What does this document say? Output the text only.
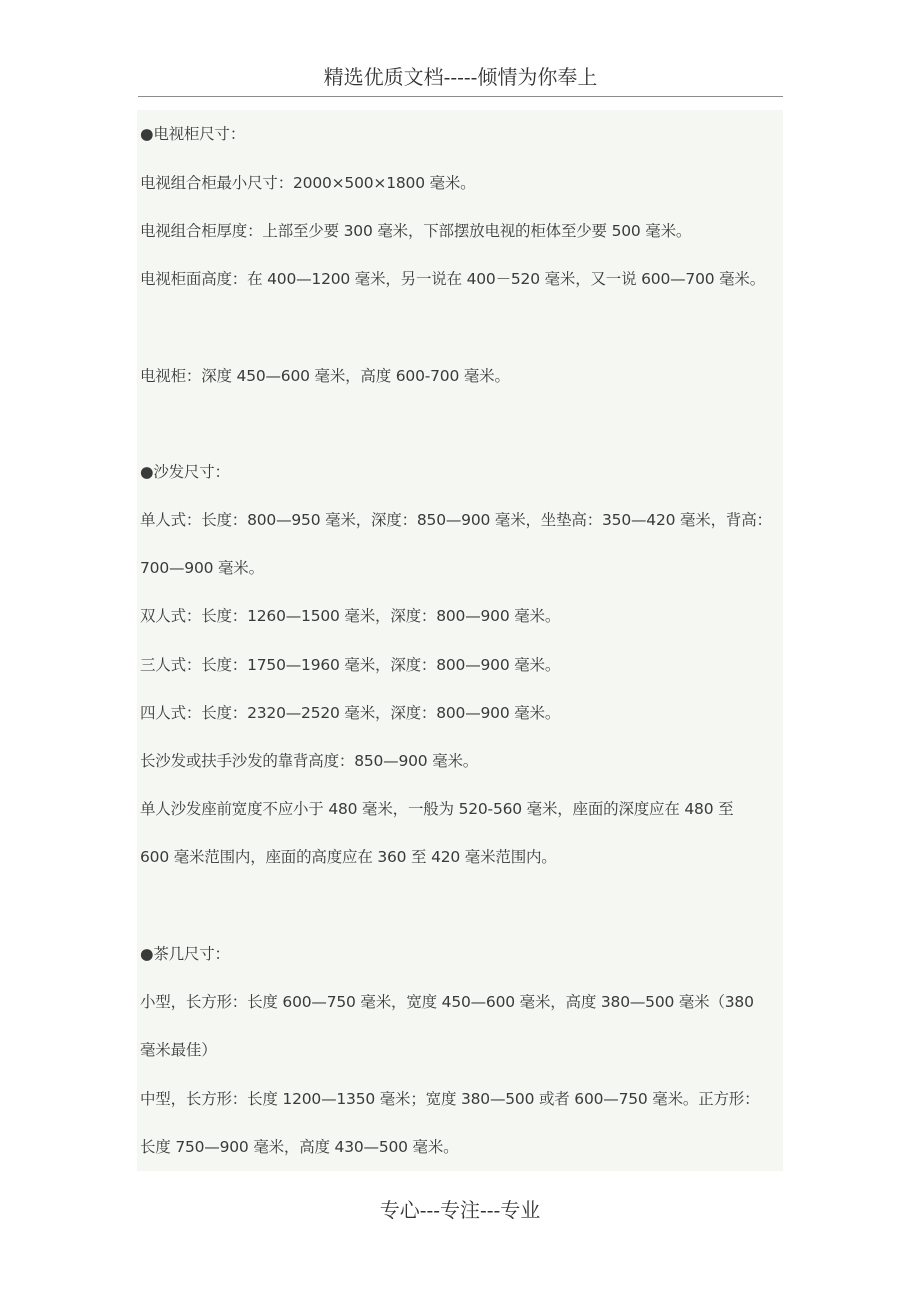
精选优质文档-----倾情为你奉上
●电视柜尺寸：
电视组合柜最小尺寸：2000×500×1800 毫米。
电视组合柜厚度：上部至少要 300 毫米，下部摆放电视的柜体至少要 500 毫米。
电视柜面高度：在 400—1200 毫米，另一说在 400－520 毫米，又一说 600—700 毫米。
电视柜：深度 450—600 毫米，高度 600-700 毫米。
●沙发尺寸：
单人式：长度：800—950 毫米，深度：850—900 毫米，坐垫高：350—420 毫米，背高：
700—900 毫米。
双人式：长度：1260—1500 毫米，深度：800—900 毫米。
三人式：长度：1750—1960 毫米，深度：800—900 毫米。
四人式：长度：2320—2520 毫米，深度：800—900 毫米。
长沙发或扶手沙发的靠背高度：850—900 毫米。
单人沙发座前宽度不应小于 480 毫米，一般为 520-560 毫米，座面的深度应在 480 至
600 毫米范围内，座面的高度应在 360 至 420 毫米范围内。
●茶几尺寸：
小型，长方形：长度 600—750 毫米，宽度 450—600 毫米，高度 380—500 毫米（380
毫米最佳）
中型，长方形：长度 1200—1350 毫米；宽度 380—500 或者 600—750 毫米。正方形：
长度 750—900 毫米，高度 430—500 毫米。
专心---专注---专业
